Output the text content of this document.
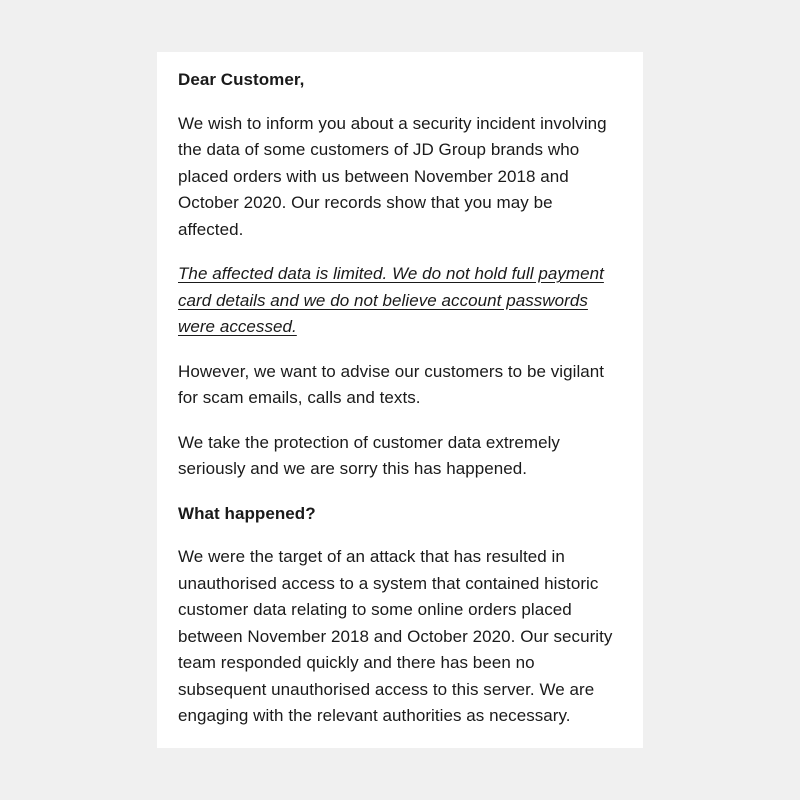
Dear Customer,

We wish to inform you about a security incident involving the data of some customers of JD Group brands who placed orders with us between November 2018 and October 2020. Our records show that you may be affected.

The affected data is limited. We do not hold full payment card details and we do not believe account passwords were accessed.

However, we want to advise our customers to be vigilant for scam emails, calls and texts.

We take the protection of customer data extremely seriously and we are sorry this has happened.

What happened?

We were the target of an attack that has resulted in unauthorised access to a system that contained historic customer data relating to some online orders placed between November 2018 and October 2020. Our security team responded quickly and there has been no subsequent unauthorised access to this server. We are engaging with the relevant authorities as necessary.
